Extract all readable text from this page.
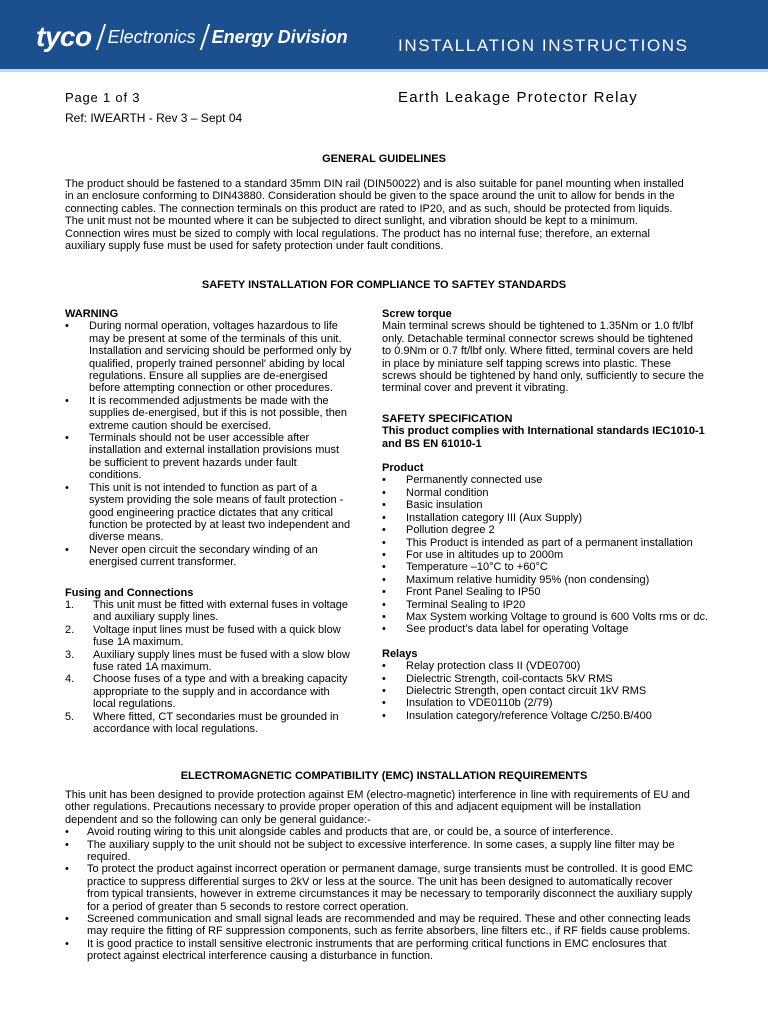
tyco Electronics Energy Division	INSTALLATION INSTRUCTIONS
Page 1 of 3
Ref: IWEARTH - Rev 3 – Sept 04
Earth Leakage Protector Relay
GENERAL GUIDELINES
The product should be fastened to a standard 35mm DIN rail (DIN50022) and is also suitable for panel mounting when installed
in an enclosure conforming to DIN43880. Consideration should be given to the space around the unit to allow for bends in the
connecting cables. The connection terminals on this product are rated to IP20, and as such, should be protected from liquids.
The unit must not be mounted where it can be subjected to direct sunlight, and vibration should be kept to a minimum.
Connection wires must be sized to comply with local regulations. The product has no internal fuse; therefore, an external
auxiliary supply fuse must be used for safety protection under fault conditions.
SAFETY INSTALLATION FOR COMPLIANCE TO SAFTEY STANDARDS
WARNING
• During normal operation, voltages hazardous to life
may be present at some of the terminals of this unit.
Installation and servicing should be performed only by
qualified, properly trained personnel' abiding by local
regulations. Ensure all supplies are de-energised
before attempting connection or other procedures.
• It is recommended adjustments be made with the
supplies de-energised, but if this is not possible, then
extreme caution should be exercised.
• Terminals should not be user accessible after
installation and external installation provisions must
be sufficient to prevent hazards under fault
conditions.
• This unit is not intended to function as part of a
system providing the sole means of fault protection -
good engineering practice dictates that any critical
function be protected by at least two independent and
diverse means.
• Never open circuit the secondary winding of an
energised current transformer.
Fusing and Connections
1. This unit must be fitted with external fuses in voltage
and auxiliary supply lines.
2. Voltage input lines must be fused with a quick blow
fuse 1A maximum.
3. Auxiliary supply lines must be fused with a slow blow
fuse rated 1A maximum.
4. Choose fuses of a type and with a breaking capacity
appropriate to the supply and in accordance with
local regulations.
5. Where fitted, CT secondaries must be grounded in
accordance with local regulations.
Screw torque
Main terminal screws should be tightened to 1.35Nm or 1.0 ft/lbf
only. Detachable terminal connector screws should be tightened
to 0.9Nm or 0.7 ft/lbf only. Where fitted, terminal covers are held
in place by miniature self tapping screws into plastic. These
screws should be tightened by hand only, sufficiently to secure the
terminal cover and prevent it vibrating.
SAFETY SPECIFICATION
This product complies with International standards IEC1010-1
and BS EN 61010-1
Product
• Permanently connected use
• Normal condition
• Basic insulation
• Installation category III (Aux Supply)
• Pollution degree 2
• This Product is intended as part of a permanent installation
• For use in altitudes up to 2000m
• Temperature –10°C to +60°C
• Maximum relative humidity 95% (non condensing)
• Front Panel Sealing to IP50
• Terminal Sealing to IP20
• Max System working Voltage to ground is 600 Volts rms or dc.
• See product’s data label for operating Voltage
Relays
• Relay protection class II (VDE0700)
• Dielectric Strength, coil-contacts 5kV RMS
• Dielectric Strength, open contact circuit 1kV RMS
• Insulation to VDE0110b (2/79)
• Insulation category/reference Voltage C/250.B/400
ELECTROMAGNETIC COMPATIBILITY (EMC) INSTALLATION REQUIREMENTS
This unit has been designed to provide protection against EM (electro-magnetic) interference in line with requirements of EU and
other regulations. Precautions necessary to provide proper operation of this and adjacent equipment will be installation
dependent and so the following can only be general guidance:-
• Avoid routing wiring to this unit alongside cables and products that are, or could be, a source of interference.
• The auxiliary supply to the unit should not be subject to excessive interference. In some cases, a supply line filter may be
required.
• To protect the product against incorrect operation or permanent damage, surge transients must be controlled. It is good EMC
practice to suppress differential surges to 2kV or less at the source. The unit has been designed to automatically recover
from typical transients, however in extreme circumstances it may be necessary to temporarily disconnect the auxiliary supply
for a period of greater than 5 seconds to restore correct operation.
• Screened communication and small signal leads are recommended and may be required. These and other connecting leads
may require the fitting of RF suppression components, such as ferrite absorbers, line filters etc., if RF fields cause problems.
• It is good practice to install sensitive electronic instruments that are performing critical functions in EMC enclosures that
protect against electrical interference causing a disturbance in function.
